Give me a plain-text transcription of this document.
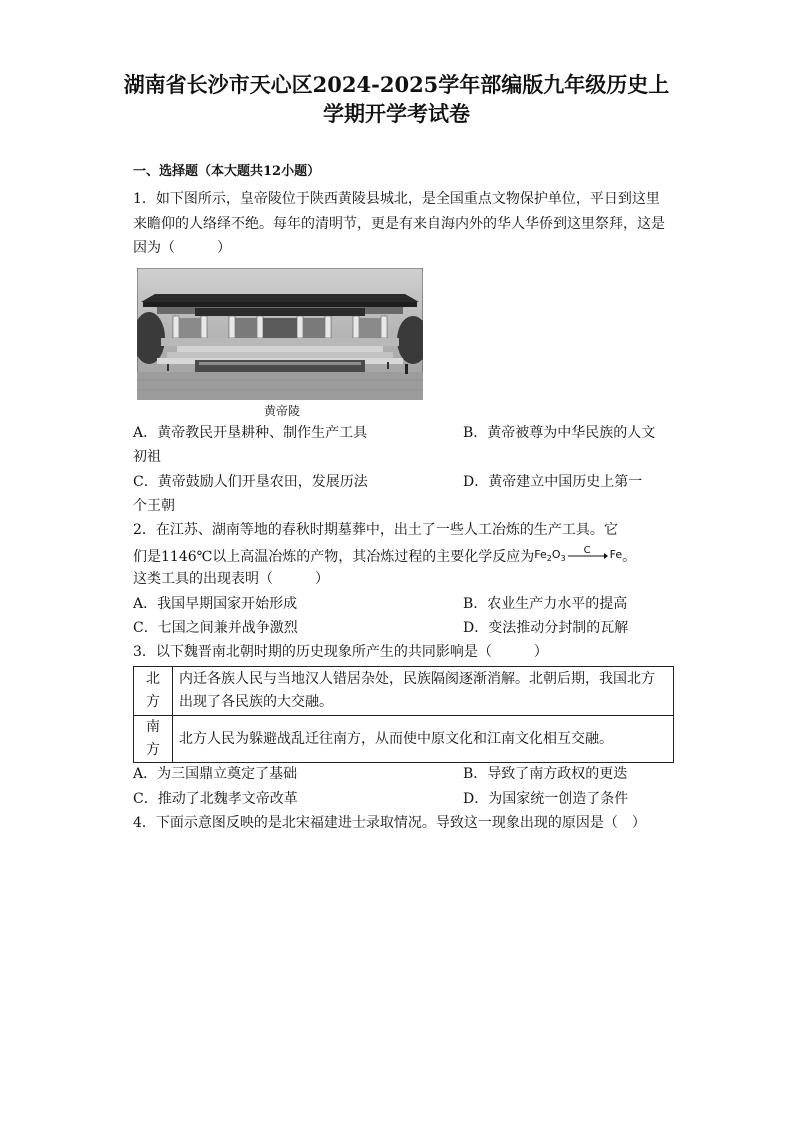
湖南省长沙市天心区2024-2025学年部编版九年级历史上
学期开学考试卷
一、选择题（本大题共12小题）
1．如下图所示，皇帝陵位于陕西黄陵县城北，是全国重点文物保护单位，平日到这里来瞻仰的人络绎不绝。每年的清明节，更是有来自海内外的华人华侨到这里祭拜，这是因为（　　　）
黄帝陵
A．黄帝教民开垦耕种、制作生产工具	B．黄帝被尊为中华民族的人文
初祖
C．黄帝鼓励人们开垦农田，发展历法	D．黄帝建立中国历史上第一
个王朝
2．在江苏、湖南等地的春秋时期墓葬中，出土了一些人工冶炼的生产工具。它
们是1146℃以上高温冶炼的产物，其冶炼过程的主要化学反应为$Fe_2O_3$
C Fe。
这类工具的出现表明（　　　）
A．我国早期国家开始形成	B．农业生产力水平的提高
C．七国之间兼并战争激烈	D．变法推动分封制的瓦解
3．以下魏晋南北朝时期的历史现象所产生的共同影响是（　　　）
北
方	内迁各族人民与当地汉人错居杂处，民族隔阂逐渐消解。北朝后期，我国北方出现了各民族的大交融。
南
方	北方人民为躲避战乱迁往南方，从而使中原文化和江南文化相互交融。
A．为三国鼎立奠定了基础	B．导致了南方政权的更迭
C．推动了北魏孝文帝改革	D．为国家统一创造了条件
4．下面示意图反映的是北宋福建进士录取情况。导致这一现象出现的原因是（　）
